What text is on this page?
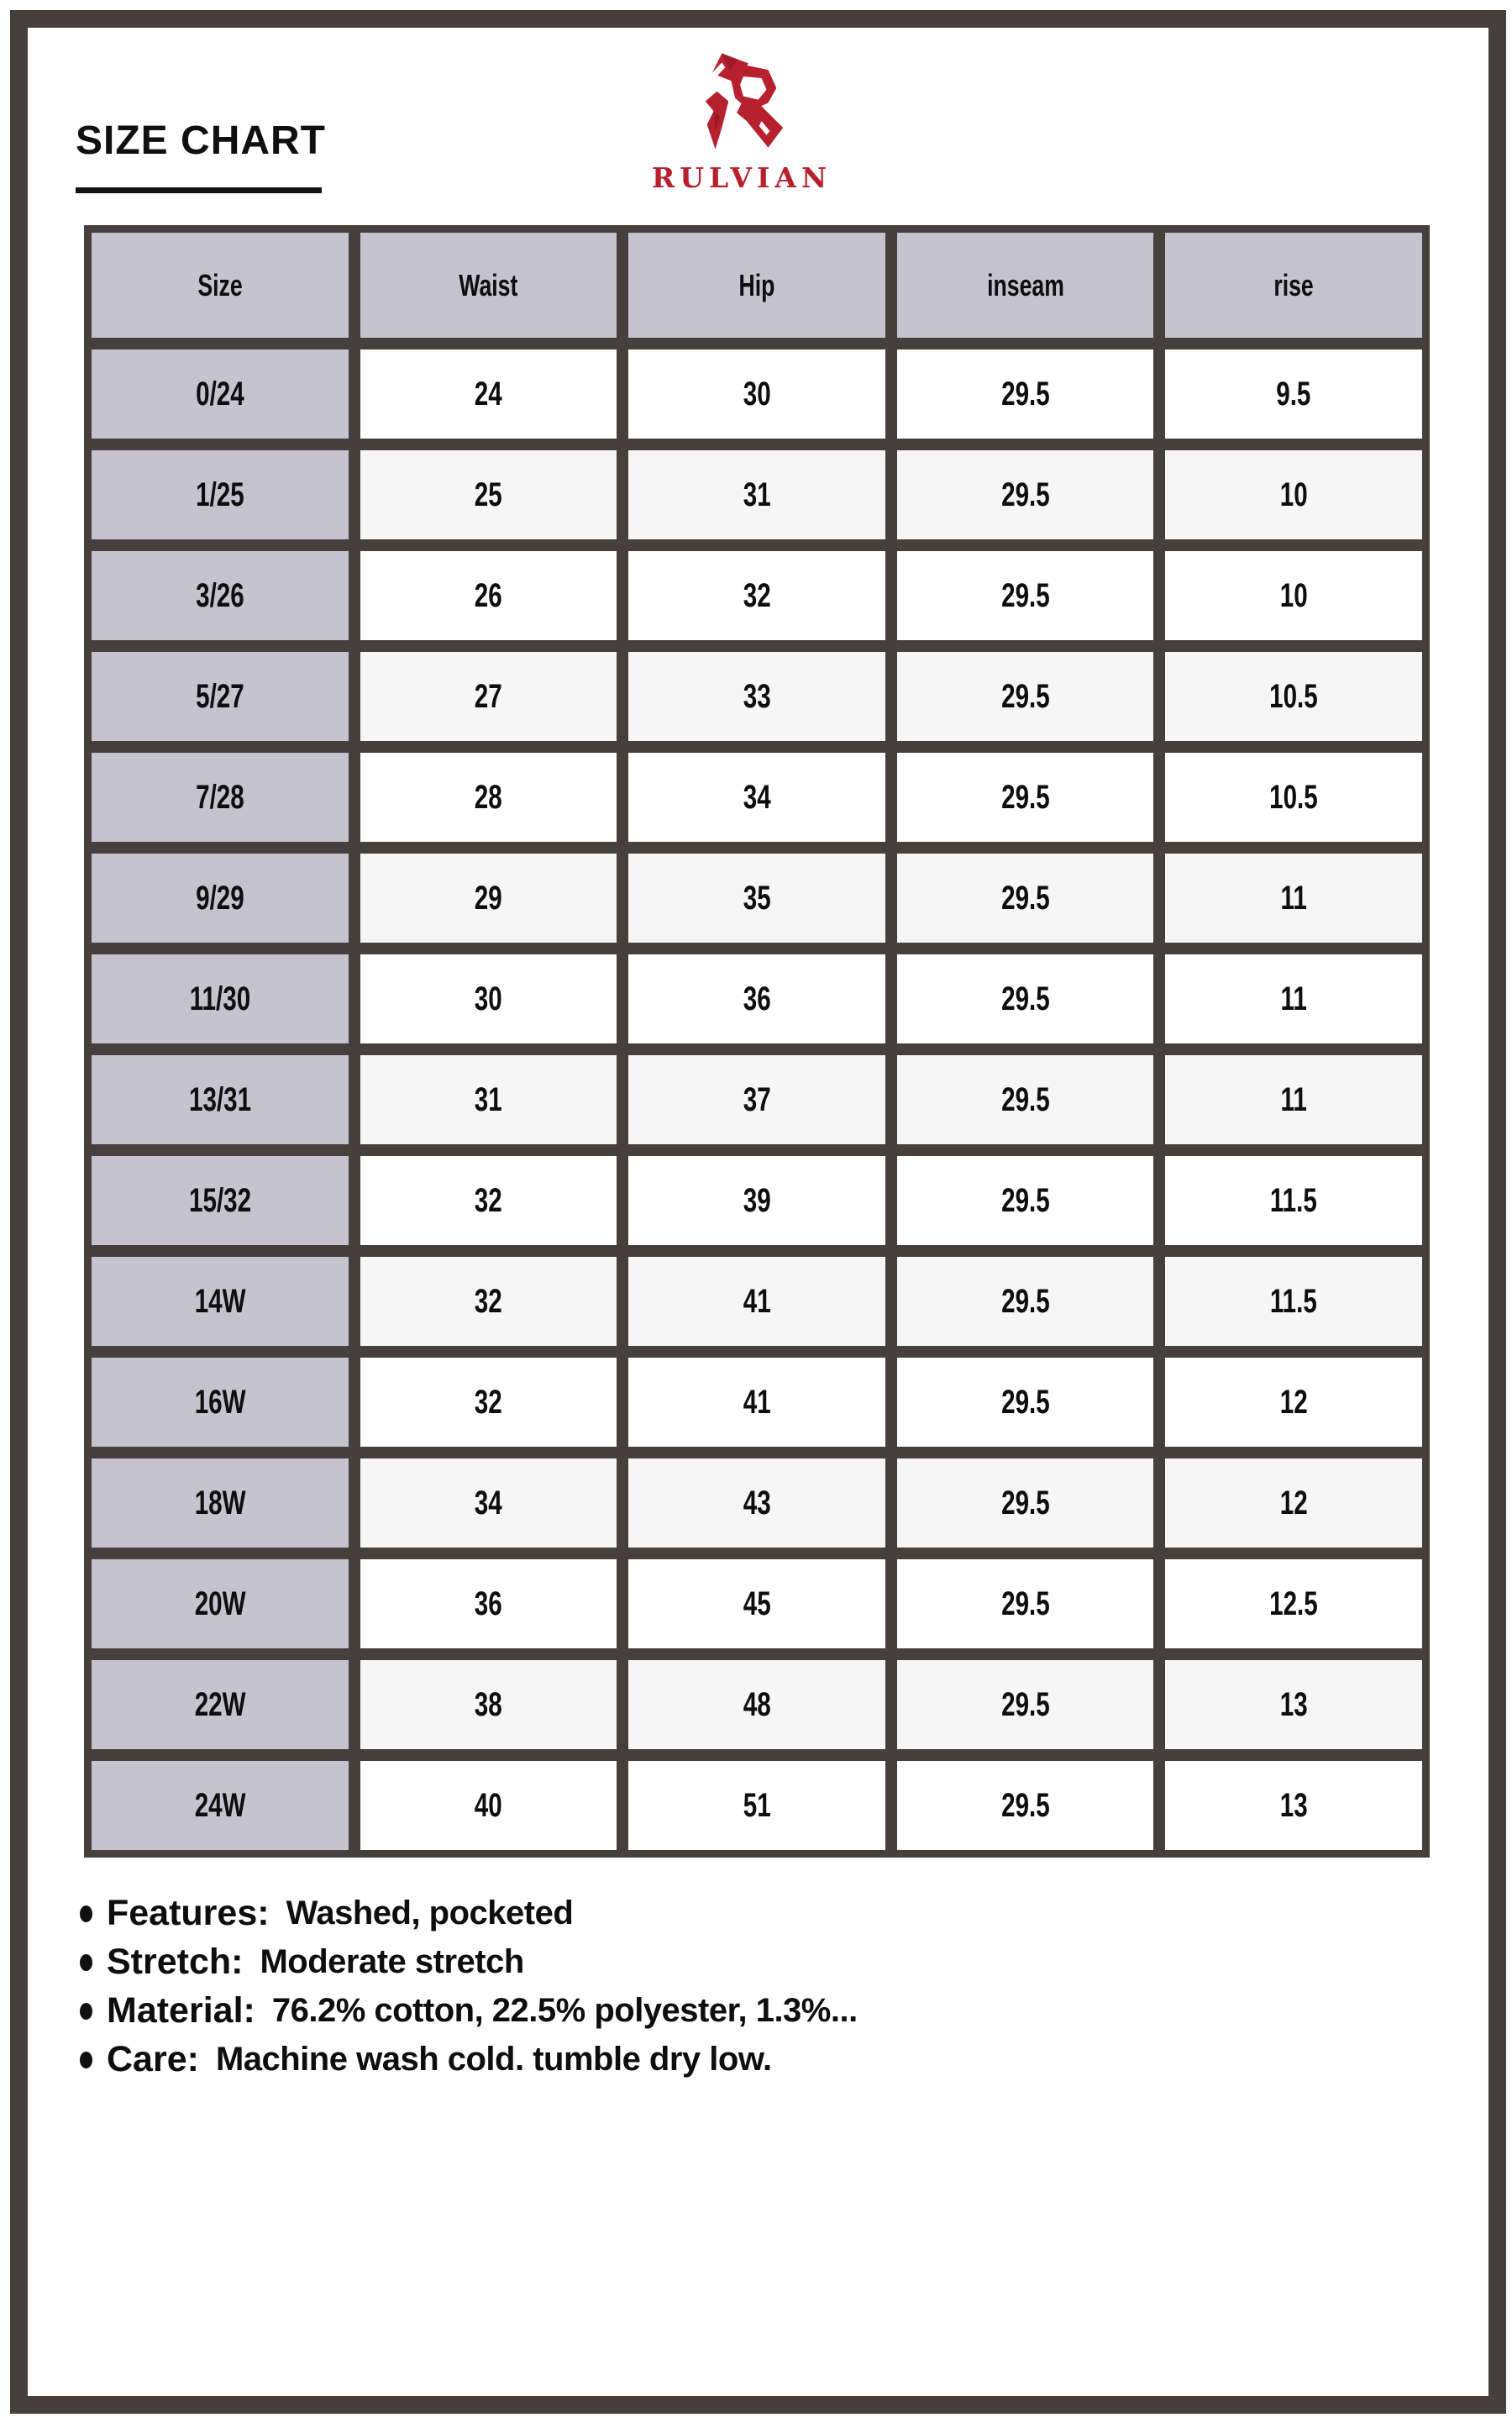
SIZE CHART
RULVIAN
Size	Waist	Hip	inseam	rise
0/24	24	30	29.5	9.5
1/25	25	31	29.5	10
3/26	26	32	29.5	10
5/27	27	33	29.5	10.5
7/28	28	34	29.5	10.5
9/29	29	35	29.5	11
11/30	30	36	29.5	11
13/31	31	37	29.5	11
15/32	32	39	29.5	11.5
14W	32	41	29.5	11.5
16W	32	41	29.5	12
18W	34	43	29.5	12
20W	36	45	29.5	12.5
22W	38	48	29.5	13
24W	40	51	29.5	13
Features: Washed, pocketed
Stretch: Moderate stretch
Material: 76.2% cotton, 22.5% polyester, 1.3%...
Care: Machine wash cold. tumble dry low.
